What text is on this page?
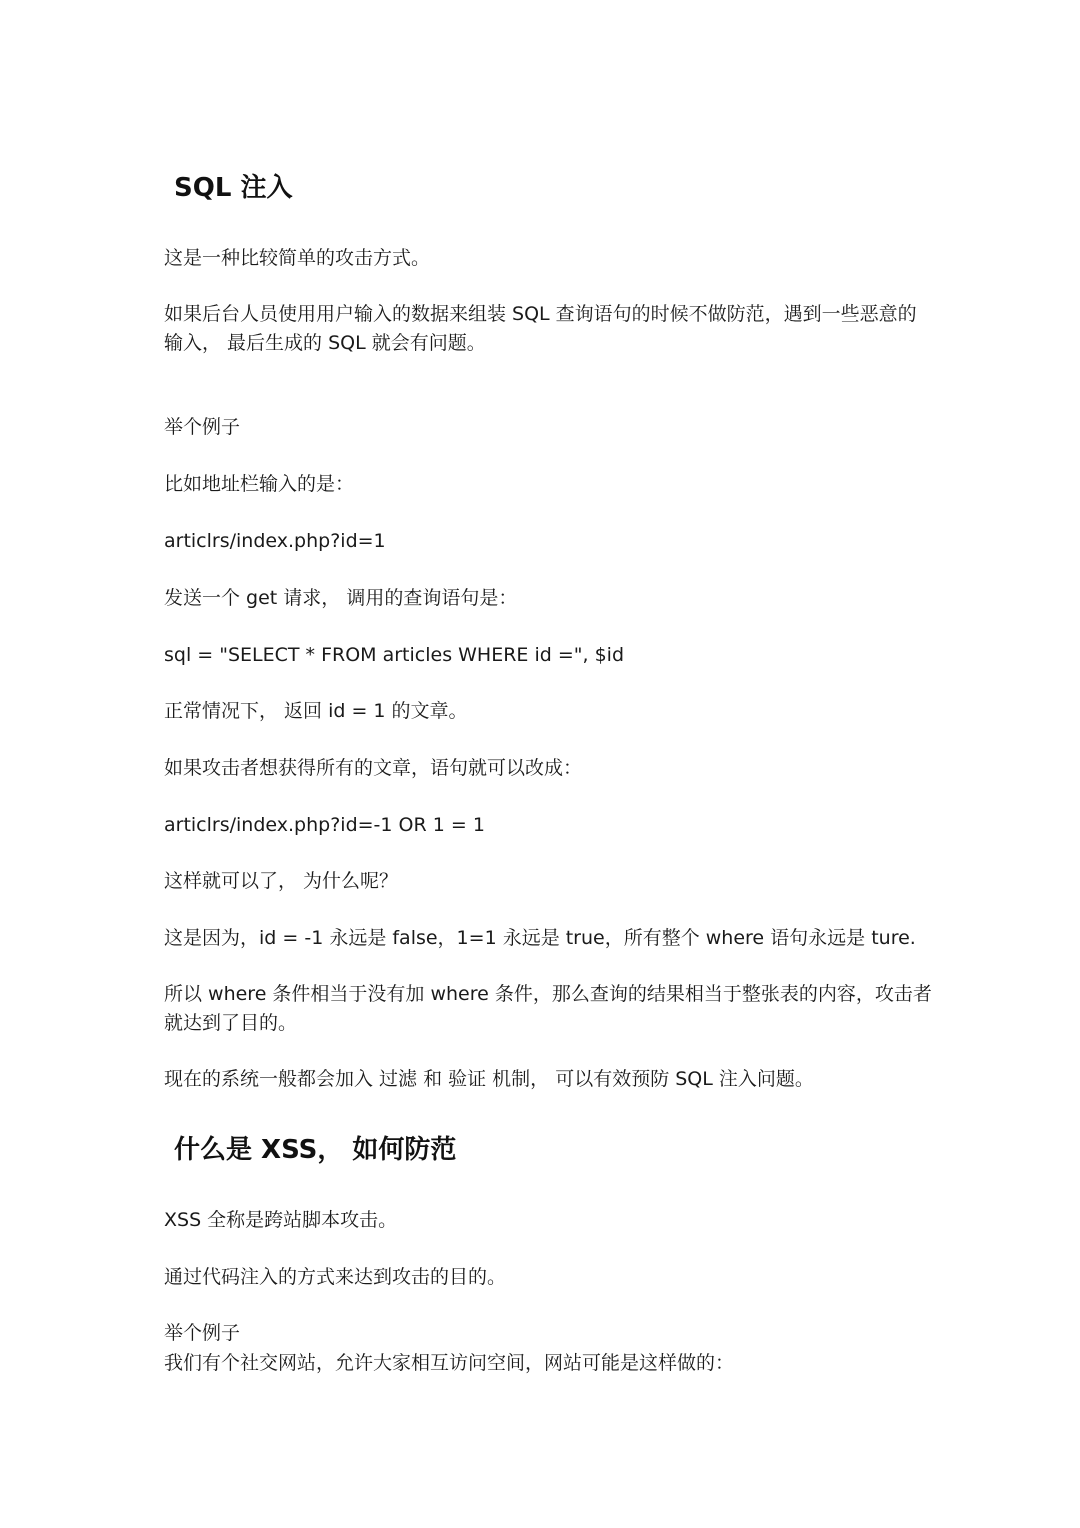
SQL 注入

这是一种比较简单的攻击方式。

如果后台人员使用用户输入的数据来组装 SQL 查询语句的时候不做防范，遇到一些恶意的

输入， 最后生成的 SQL 就会有问题。

举个例子

比如地址栏输入的是：

articlrs/index.php?id=1

发送一个 get 请求， 调用的查询语句是：

sql = "SELECT * FROM articles WHERE id =", $id

正常情况下， 返回 id = 1 的文章。

如果攻击者想获得所有的文章，语句就可以改成：

articlrs/index.php?id=-1 OR 1 = 1

这样就可以了， 为什么呢？

这是因为，id = -1 永远是 false，1=1 永远是 true，所有整个 where 语句永远是 ture.

所以 where 条件相当于没有加 where 条件，那么查询的结果相当于整张表的内容，攻击者

就达到了目的。

现在的系统一般都会加入 过滤 和 验证 机制， 可以有效预防 SQL 注入问题。

什么是 XSS， 如何防范

XSS 全称是跨站脚本攻击。

通过代码注入的方式来达到攻击的目的。

举个例子

我们有个社交网站，允许大家相互访问空间，网站可能是这样做的：
